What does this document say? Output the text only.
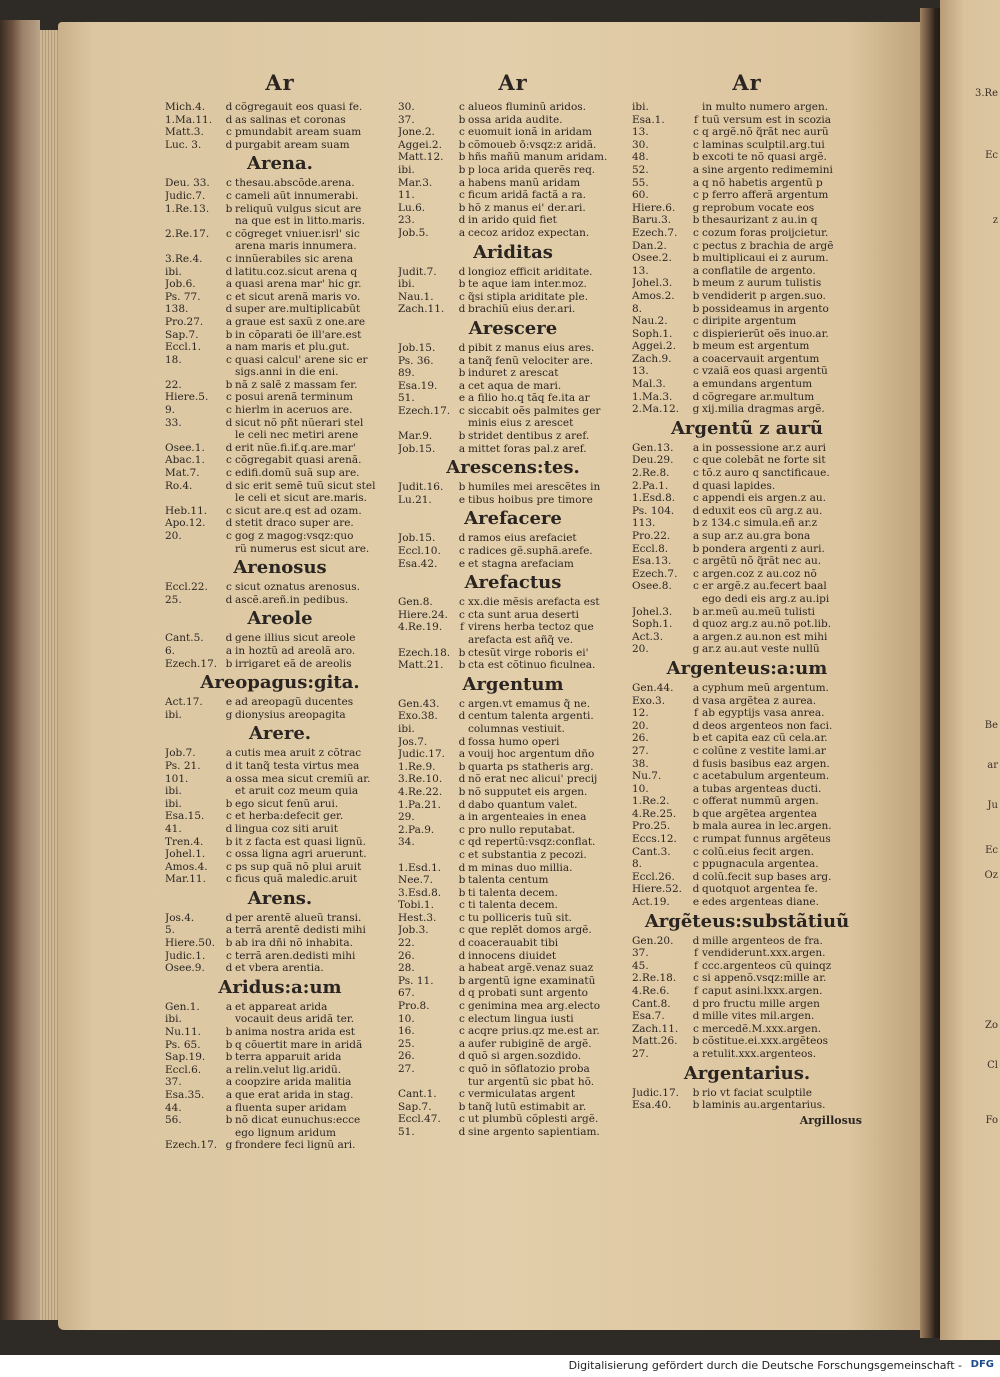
3.Re
Ec
z
Be
ar
Ju
Ec
Oz
Zo
Cl
Fo
Ar
Mich.4.	d cõgregauit eos quasi fe.
1.Ma.11.	d as salinas et coronas
Matt.3.	c pmundabit aream suam
Luc. 3.	d purgabit aream suam
Arena.
Deu. 33.	c thesau.abscõde.arena.
Judic.7.	c cameli aũt innumerabi.
1.Re.13.	b reliquũ vulgus sicut are
na que est in litto.maris.
2.Re.17.	c cõgreget vniuer.isrl' sic
arena maris innumera.
3.Re.4.	c innũerabiles sic arena
ibi.	d latitu.coz.sicut arena q
Job.6.	a quasi arena mar' hic gr.
Ps. 77.	c et sicut arenã maris vo.
138.	d super are.multiplicabũt
Pro.27.	a graue est saxũ z one.are
Sap.7.	b in cõparati õe ill'are.est
Eccl.1.	a nam maris et plu.gut.
18.	c quasi calcul' arene sic er
sigs.anni in die eni.
22.	b nã z salẽ z massam fer.
Hiere.5.	c posui arenã terminum
9.	c hierlm in aceruos are.
33.	d sicut nõ pñt nũerari stel
le celi nec metiri arene
Osee.1.	d erit nũe.fi.if.q.are.mar'
Abac.1.	c cõgregabit quasi arenã.
Mat.7.	c edifi.domũ suã sup are.
Ro.4.	d sic erit semẽ tuũ sicut stel
le celi et sicut are.maris.
Heb.11.	c sicut are.q est ad ozam.
Apo.12.	d stetit draco super are.
20.	c gog z magog:vsqz:quo
rũ numerus est sicut are.
Arenosus
Eccl.22.	c sicut oznatus arenosus.
25.	d ascẽ.areñ.in pedibus.
Areole
Cant.5.	d gene illius sicut areole
6.	a in hoztũ ad areolã aro.
Ezech.17. b irrigaret eã de areolis
Areopagus:gita.
Act.17.	e ad areopagũ ducentes
ibi.	g dionysius areopagita
Arere.
Job.7.	a cutis mea aruit z cõtrac
Ps. 21.	d it tanq̃ testa virtus mea
101.	a ossa mea sicut cremiũ ar.
ibi.	et aruit coz meum quia
ibi.	b ego sicut fenũ arui.
Esa.15.	c et herba:defecit ger.
41.	d lingua coz siti aruit
Tren.4.	b it z facta est quasi lignũ.
Johel.1.	c ossa ligna agri aruerunt.
Amos.4.	c ps sup quã nõ plui aruit
Mar.11.	c ficus quã maledic.aruit
Arens.
Jos.4.	d per arentẽ alueũ transi.
5.	a terrã arentẽ dedisti mihi
Hiere.50.	b ab ira dñi nõ inhabita.
Judic.1.	c terrã aren.dedisti mihi
Osee.9.	d et vbera arentia.
Aridus:a:um
Gen.1.	a et appareat arida
ibi.	vocauit deus aridã ter.
Nu.11.	b anima nostra arida est
Ps. 65.	b q cõuertit mare in aridã
Sap.19.	b terra apparuit arida
Eccl.6.	a relin.velut lig.aridũ.
37.	a coopzire arida malitia
Esa.35.	a que erat arida in stag.
44.	a fluenta super aridam
56.	b nõ dicat eunuchus:ecce
ego lignum aridum
Ezech.17. g frondere feci lignũ ari.
Ar
30.	c alueos fluminũ aridos.
37.	b ossa arida audite.
Jone.2.	c euomuit ionã in aridam
Aggei.2.	b cõmoueb ō:vsqz:z aridã.
Matt.12.	b hñs mañũ manum aridam.
ibi.	b p loca arida querẽs req.
Mar.3.	a habens manũ aridam
11.	c ficum aridã factã a ra.
Lu.6.	b hõ z manus ei' der.ari.
23.	d in arido quid fiet
Job.5.	a cecoz aridoz expectan.
Ariditas
Judit.7.	d longioz efficit ariditate.
ibi.	b te aque iam inter.moz.
Nau.1.	c q̃si stipla ariditate ple.
Zach.11.	d brachiũ eius der.ari.
Arescere
Job.15.	d pibit z manus eius ares.
Ps. 36.	a tanq̃ fenũ velociter are.
89.	b induret z arescat
Esa.19.	a cet aqua de mari.
51.	e a filio ho.q tãq fe.ita ar
Ezech.17. c siccabit oẽs palmites ger
minis eius z arescet
Mar.9.	b stridet dentibus z aref.
Job.15.	a mittet foras pal.z aref.
Arescens:tes.
Judit.16.	b humiles mei arescẽtes in
Lu.21.	e tibus hoibus pre timore
Arefacere
Job.15.	d ramos eius arefaciet
Eccl.10.	c radices gẽ.suphã.arefe.
Esa.42.	e et stagna arefaciam
Arefactus
Gen.8.	c xx.die mẽsis arefacta est
Hiere.24.	c cta sunt arua deserti
4.Re.19.	f virens herba tectoz que
arefacta est añq̃ ve.
Ezech.18. b ctesũt virge roboris ei'
Matt.21.	b cta est cõtinuo ficulnea.
Argentum
Gen.43.	c argen.vt emamus q̃ ne.
Exo.38.	d centum talenta argenti.
ibi.	columnas vestiuit.
Jos.7.	d fossa humo operi
Judic.17.	a vouij hoc argentum dño
1.Re.9.	b quarta ps statheris arg.
3.Re.10.	d nõ erat nec alicui' precij
4.Re.22.	b nõ supputet eis argen.
1.Pa.21.	d dabo quantum valet.
29.	a in argenteaies in enea
2.Pa.9.	c pro nullo reputabat.
34.	c qd repertũ:vsqz:conflat.
c et substantia z pecozi.
1.Esd.1.	d m minas duo millia.
Nee.7.	b talenta centum
3.Esd.8.	b ti talenta decem.
Tobi.1.	c ti talenta decem.
Hest.3.	c tu polliceris tuũ sit.
Job.3.	c que replẽt domos argẽ.
22.	d coacerauabit tibi
26.	d innocens diuidet
28.	a habeat argẽ.venaz suaz
Ps. 11.	b argentũ igne examinatũ
67.	d q probati sunt argento
Pro.8.	c genimina mea arg.electo
10.	c electum lingua iusti
16.	c acqre prius.qz me.est ar.
25.	a aufer rubiginẽ de argẽ.
26.	d quõ si argen.sozdido.
27.	c quõ in sõflatozio proba
tur argentũ sic pbat hõ.
Cant.1.	c vermiculatas argent
Sap.7.	b tanq̃ lutũ estimabit ar.
Eccl.47.	c ut plumbũ cõplesti argẽ.
51.	d sine argento sapientiam.
Ar
ibi.	in multo numero argen.
Esa.1.	f tuũ versum est in scozia
13.	c q argẽ.nõ q̃rãt nec aurũ
30.	c laminas sculptil.arg.tui
48.	b excoti te nõ quasi argẽ.
52.	a sine argento redimemini
55.	a q nõ habetis argentũ p
60.	c p ferro afferã argentum
Hiere.6.	g reprobum vocate eos
Baru.3.	b thesaurizant z au.in q
Ezech.7.	c cozum foras proijcietur.
Dan.2.	c pectus z brachia de argẽ
Osee.2.	b multiplicaui ei z aurum.
13.	a conflatile de argento.
Johel.3.	b meum z aurum tulistis
Amos.2.	b vendiderit p argen.suo.
8.	b possideamus in argento
Nau.2.	c diripite argentum
Soph.1.	c dispierierũt oẽs inuo.ar.
Aggei.2.	b meum est argentum
Zach.9.	a coacervauit argentum
13.	c vzaiã eos quasi argentũ
Mal.3.	a emundans argentum
1.Ma.3.	d cõgregare ar.multum
2.Ma.12.	g xij.milia dragmas argẽ.
Argentũ z aurũ
Gen.13.	a in possessione ar.z auri
Deu.29.	c que colebãt ne forte sit
2.Re.8.	c tõ.z auro q sanctificaue.
2.Pa.1.	d quasi lapides.
1.Esd.8.	c appendi eis argen.z au.
Ps. 104.	d eduxit eos cũ arg.z au.
113.	b z 134.c simula.eñ ar.z
Pro.22.	a sup ar.z au.gra bona
Eccl.8.	b pondera argenti z auri.
Esa.13.	c argẽtũ nõ q̃rãt nec au.
Ezech.7.	c argen.coz z au.coz nõ
Osee.8.	c er argẽ.z au.fecert baal
ego dedi eis arg.z au.ipi
Johel.3.	b ar.meũ au.meũ tulisti
Soph.1.	d quoz arg.z au.nõ pot.lib.
Act.3.	a argen.z au.non est mihi
20.	g ar.z au.aut veste nullũ
Argenteus:a:um
Gen.44.	a cyphum meũ argentum.
Exo.3.	d vasa argẽtea z aurea.
12.	f ab egyptijs vasa anrea.
20.	d deos argenteos non faci.
26.	b et capita eaz cũ cela.ar.
27.	c colũne z vestite lami.ar
38.	d fusis basibus eaz argen.
Nu.7.	c acetabulum argenteum.
10.	a tubas argenteas ducti.
1.Re.2.	c offerat nummũ argen.
4.Re.25.	b que argẽtea argentea
Pro.25.	b mala aurea in lec.argen.
Eccs.12.	c rumpat funnus argẽteus
Cant.3.	c colũ.eius fecit argen.
8.	c ppugnacula argentea.
Eccl.26.	d colũ.fecit sup bases arg.
Hiere.52.	d quotquot argentea fe.
Act.19.	e edes argenteas diane.
Argẽteus:substãtiuũ
Gen.20.	d mille argenteos de fra.
37.	f vendiderunt.xxx.argen.
45.	f ccc.argenteos cũ quinqz
2.Re.18.	c si appenõ.vsqz:mille ar.
4.Re.6.	f caput asini.lxxx.argen.
Cant.8.	d pro fructu mille argen
Esa.7.	d mille vites mil.argen.
Zach.11.	c mercedẽ.M.xxx.argen.
Matt.26.	b cõstitue.ei.xxx.argẽteos
27.	a retulit.xxx.argenteos.
Argentarius.
Judic.17.	b rio vt faciat sculptile
Esa.40.	b laminis au.argentarius.
Argillosus
Digitalisierung gefördert durch die Deutsche Forschungsgemeinschaft - DFG
